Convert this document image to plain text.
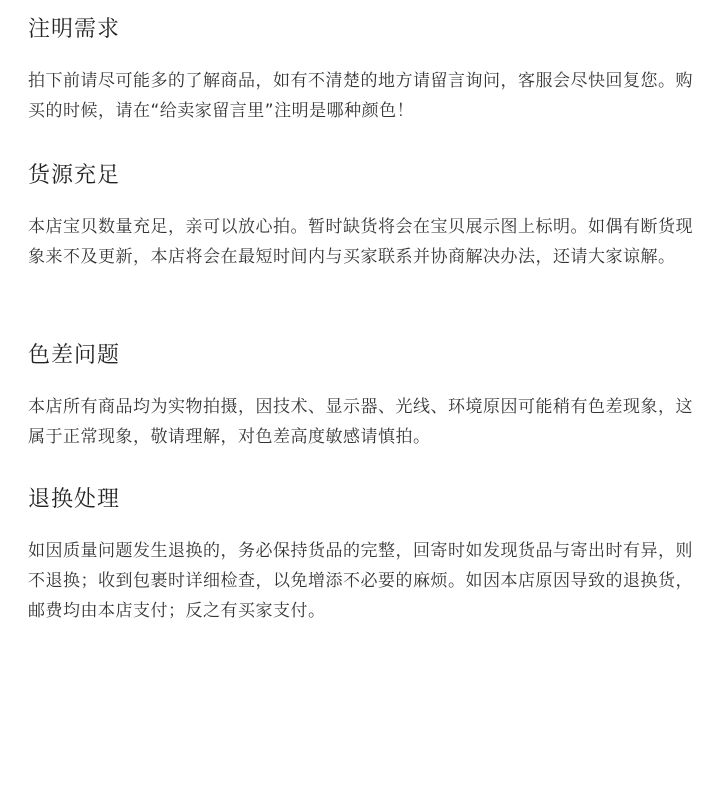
注明需求

拍下前请尽可能多的了解商品，如有不清楚的地方请留言询问，客服会尽快回复您。购买的时候，请在“给卖家留言里”注明是哪种颜色！

货源充足

本店宝贝数量充足，亲可以放心拍。暂时缺货将会在宝贝展示图上标明。如偶有断货现象来不及更新，本店将会在最短时间内与买家联系并协商解决办法，还请大家谅解。

色差问题

本店所有商品均为实物拍摄，因技术、显示器、光线、环境原因可能稍有色差现象，这属于正常现象，敬请理解，对色差高度敏感请慎拍。

退换处理

如因质量问题发生退换的，务必保持货品的完整，回寄时如发现货品与寄出时有异，则不退换；收到包裹时详细检查，以免增添不必要的麻烦。如因本店原因导致的退换货，邮费均由本店支付；反之有买家支付。
